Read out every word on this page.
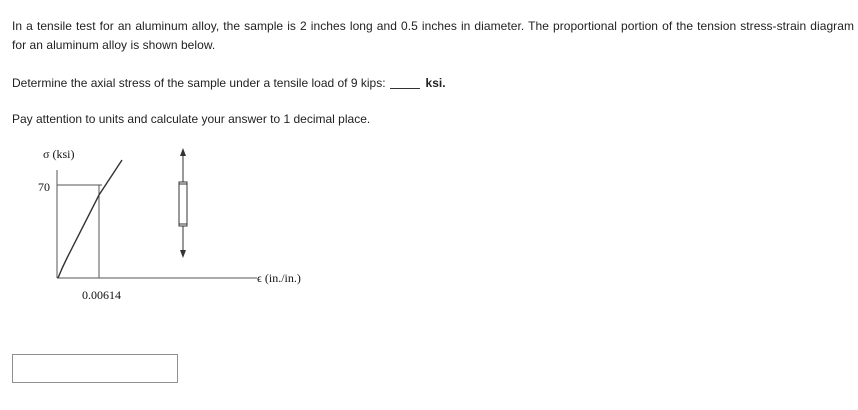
In a tensile test for an aluminum alloy, the sample is 2 inches long and 0.5 inches in diameter. The proportional portion of the tension stress-strain diagram for an aluminum alloy is shown below.
Determine the axial stress of the sample under a tensile load of 9 kips:	ksi.
Pay attention to units and calculate your answer to 1 decimal place.
σ (ksi)
ϵ (in./in.)
70
0.00614
